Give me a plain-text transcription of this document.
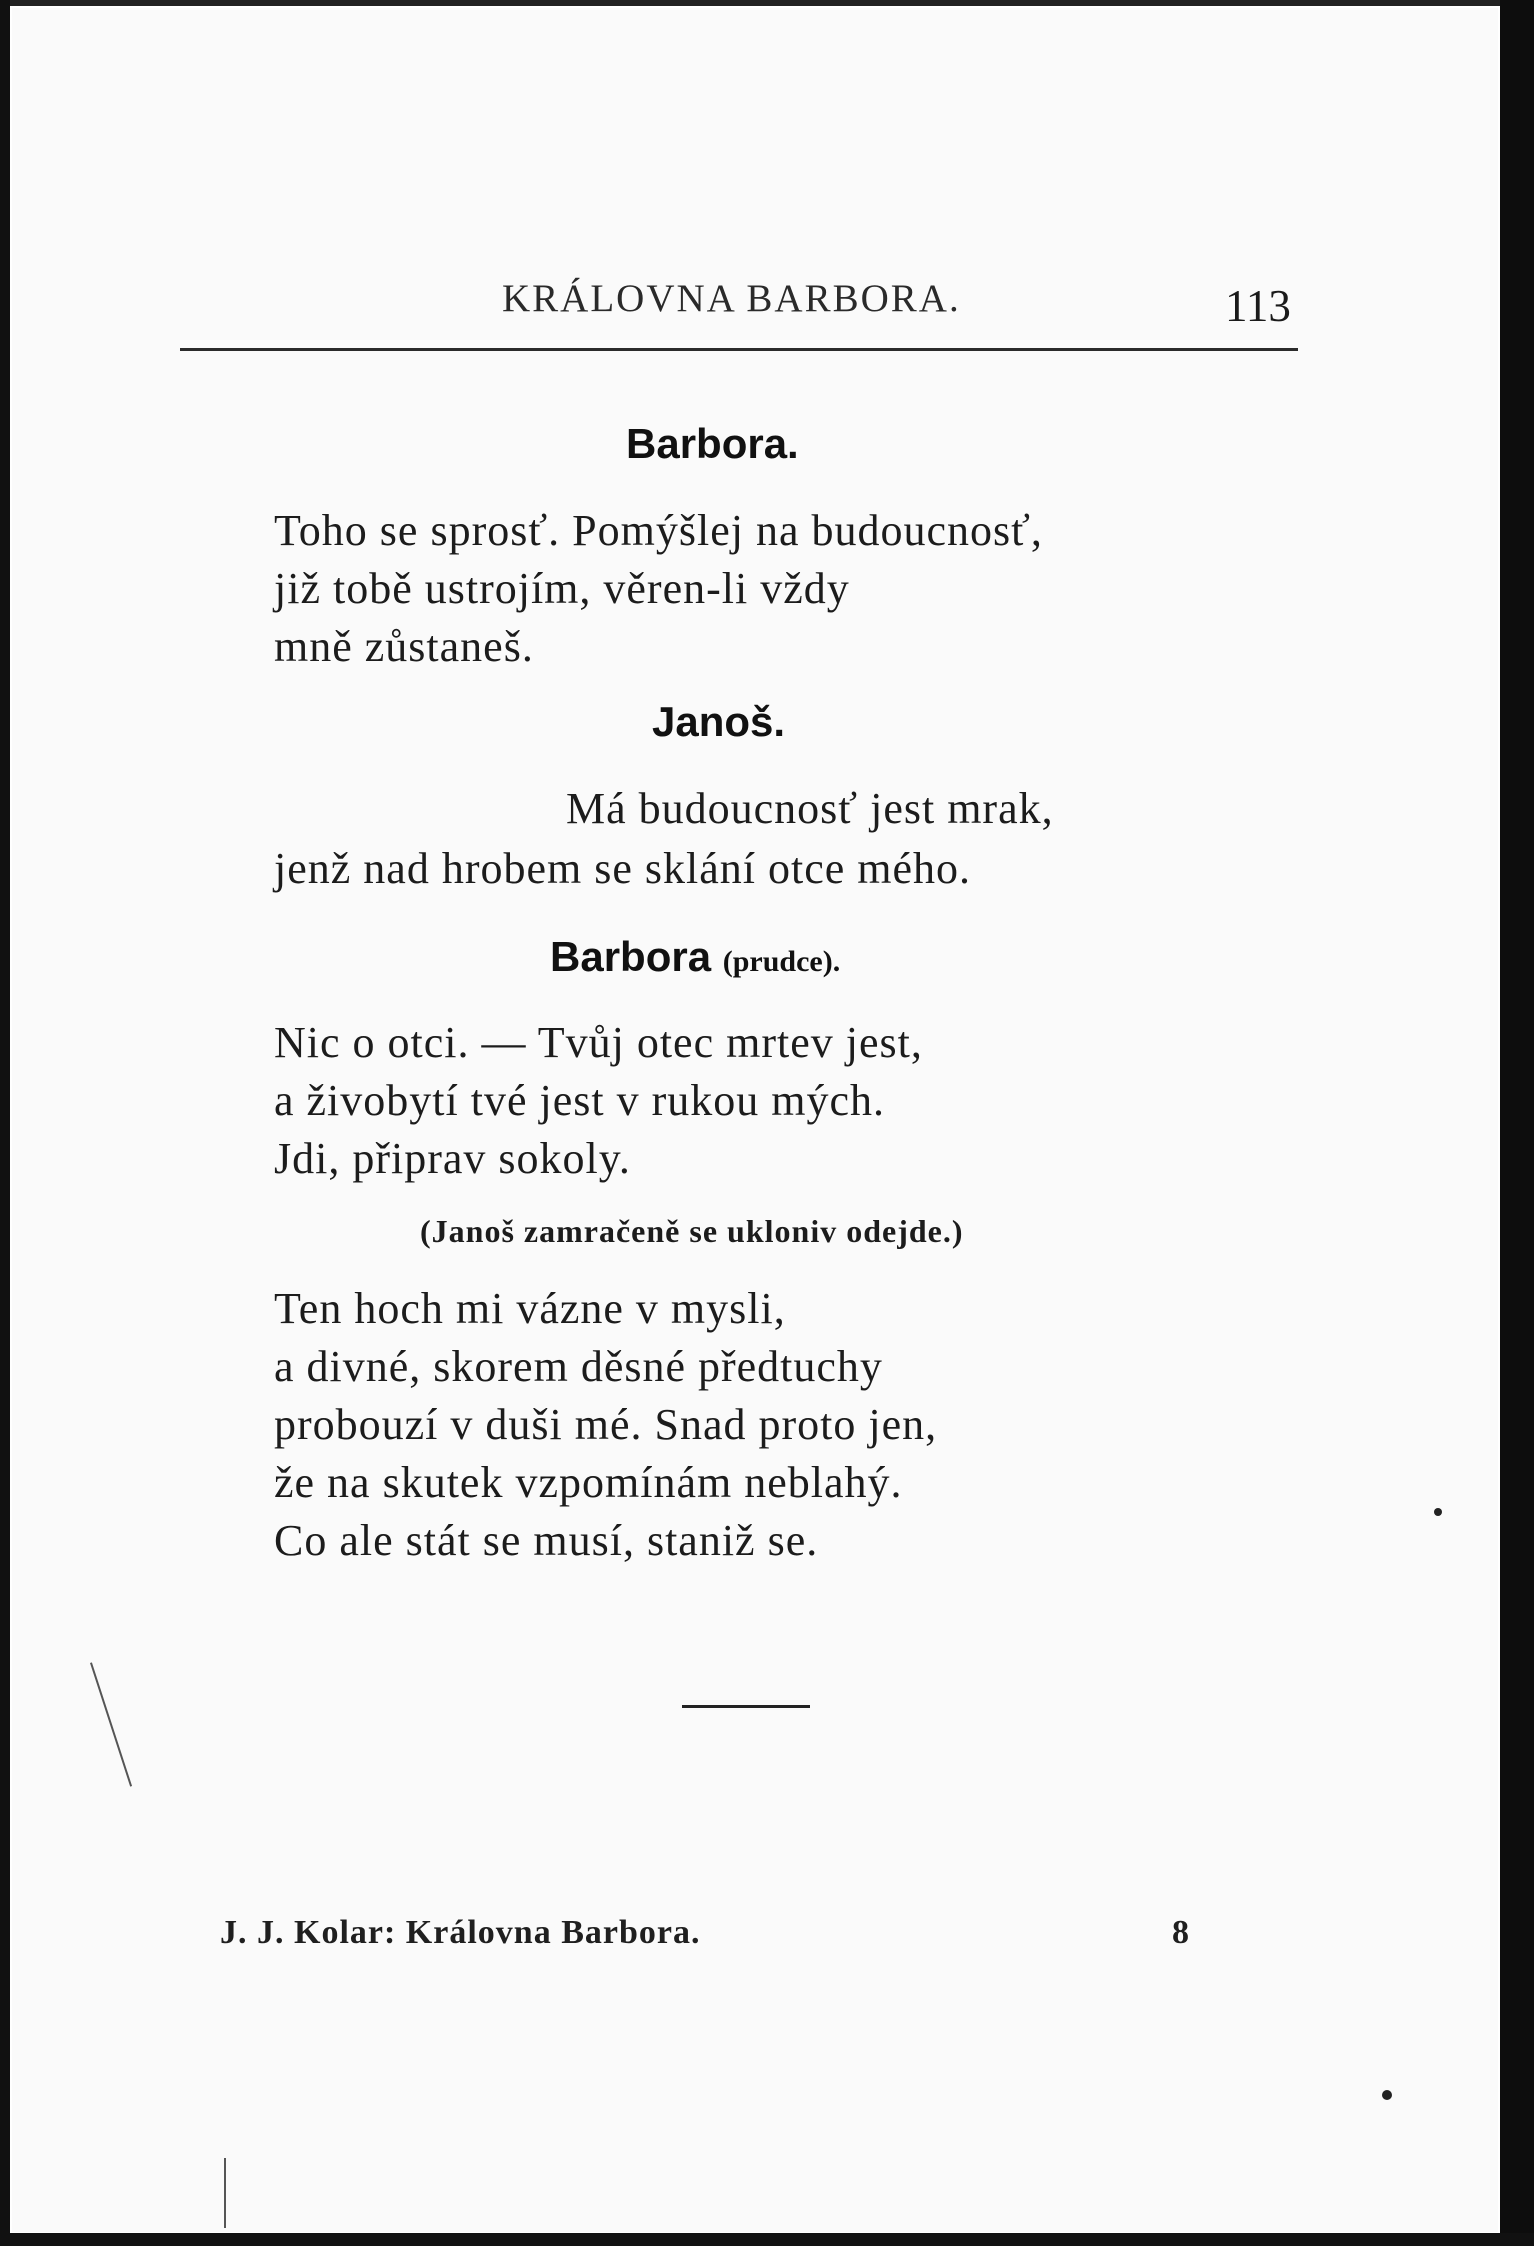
KRÁLOVNA BARBORA.	113
Barbora.
Toho se sprosť. Pomýšlej na budoucnosť,
již tobě ustrojím, věren-li vždy
mně zůstaneš.
Janoš.
Má budoucnosť jest mrak,
jenž nad hrobem se sklání otce mého.
Barbora (prudce).
Nic o otci. — Tvůj otec mrtev jest,
a živobytí tvé jest v rukou mých.
Jdi, připrav sokoly.
(Janoš zamračeně se ukloniv odejde.)
Ten hoch mi vázne v mysli,
a divné, skorem děsné předtuchy
probouzí v duši mé. Snad proto jen,
že na skutek vzpomínám neblahý.
Co ale stát se musí, staniž se.
J. J. Kolar: Královna Barbora.	8
